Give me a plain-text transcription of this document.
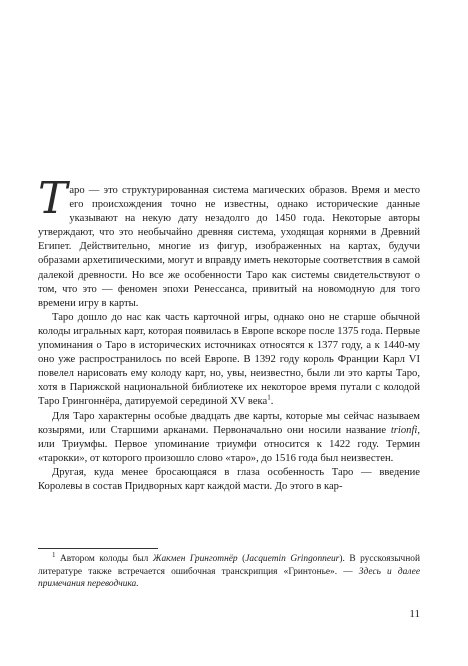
Таро — это структурированная система магических образов. Время и место его происхождения точно не известны, однако исторические данные указывают на некую дату незадолго до 1450 года. Некоторые авторы утверждают, что это необычайно древняя система, уходящая корнями в Древний Египет. Действительно, многие из фигур, изображенных на картах, будучи образами архетипическими, могут и вправду иметь некоторые соответствия в самой далекой древности. Но все же особенности Таро как системы свидетельствуют о том, что это — феномен эпохи Ренессанса, привитый на новомодную для того времени игру в карты.

Таро дошло до нас как часть карточной игры, однако оно не старше обычной колоды игральных карт, которая появилась в Европе вскоре после 1375 года. Первые упоминания о Таро в исторических источниках относятся к 1377 году, а к 1440-му оно уже распространилось по всей Европе. В 1392 году король Франции Карл VI повелел нарисовать ему колоду карт, но, увы, неизвестно, были ли это карты Таро, хотя в Парижской национальной библиотеке их некоторое время путали с колодой Таро Грингоннёра, датируемой серединой XV века$^1$.

Для Таро характерны особые двадцать две карты, которые мы сейчас называем козырями, или Старшими арканами. Первоначально они носили название trionfi, или Триумфы. Первое упоминание триумфи относится к 1422 году. Термин «тарокки», от которого произошло слово «таро», до 1516 года был неизвестен.

Другая, куда менее бросающаяся в глаза особенность Таро — введение Королевы в состав Придворных карт каждой масти. До этого в кар-

$^1$ Автором колоды был Жакмен Гринготнёр (Jacquemin Gringonneur). В русскоязычной литературе также встречается ошибочная транскрипция «Гринтонье». — Здесь и далее примечания переводчика.

11
